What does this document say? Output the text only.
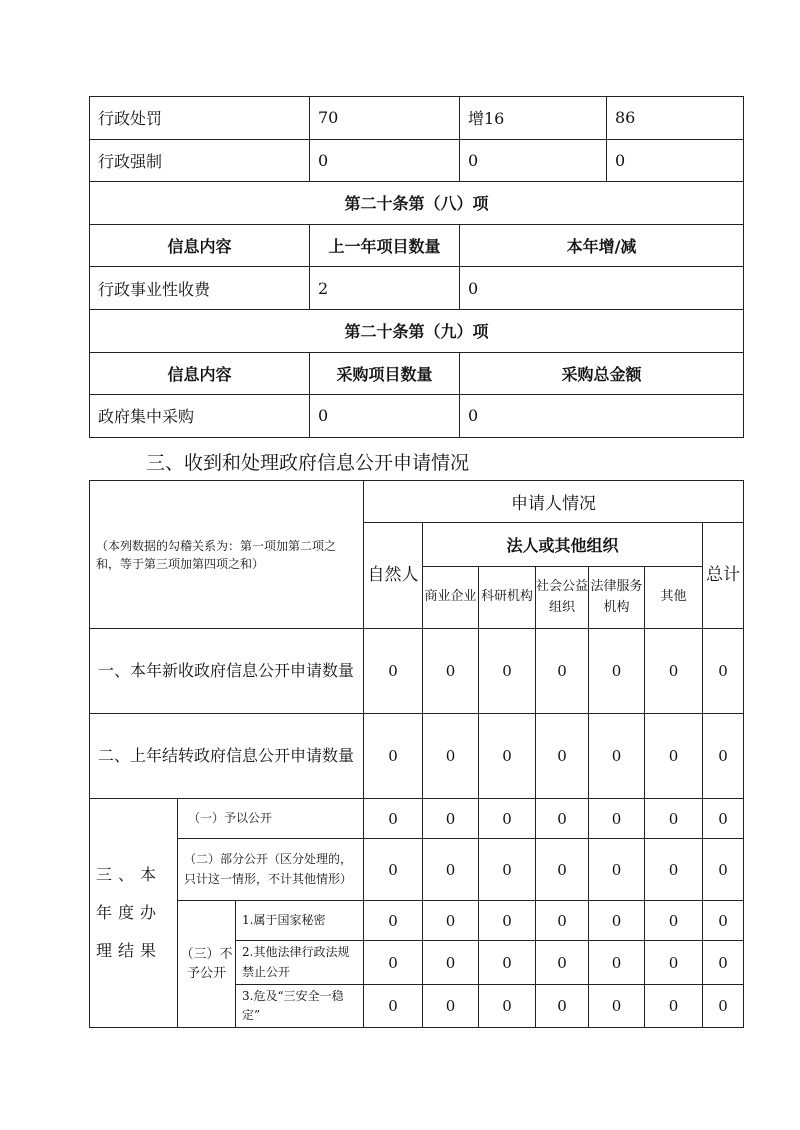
行政处罚	70	增16	86
行政强制	0	0	0
第二十条第（八）项			
信息内容	上一年项目数量	本年增/减	
行政事业性收费	2	0	
第二十条第（九）项			
信息内容	采购项目数量	采购总金额	
政府集中采购	0	0	
三、收到和处理政府信息公开申请情况
（本列数据的勾稽关系为：第一项加第二项之和，等于第三项加第四项之和）			申请人情况						
			自然人	法人或其他组织					总计
				商业企业	科研机构	社会公益组织	法律服务机构	其他	
一、本年新收政府信息公开申请数量			0	0	0	0	0	0	0
二、上年结转政府信息公开申请数量			0	0	0	0	0	0	0
三、本年度办理结果	（一）予以公开		0	0	0	0	0	0	0
	（二）部分公开（区分处理的，只计这一情形，不计其他情形）		0	0	0	0	0	0	0
	（三）不予公开	1.属于国家秘密	0	0	0	0	0	0	0
		2.其他法律行政法规禁止公开	0	0	0	0	0	0	0
		3.危及“三安全一稳定”	0	0	0	0	0	0	0
